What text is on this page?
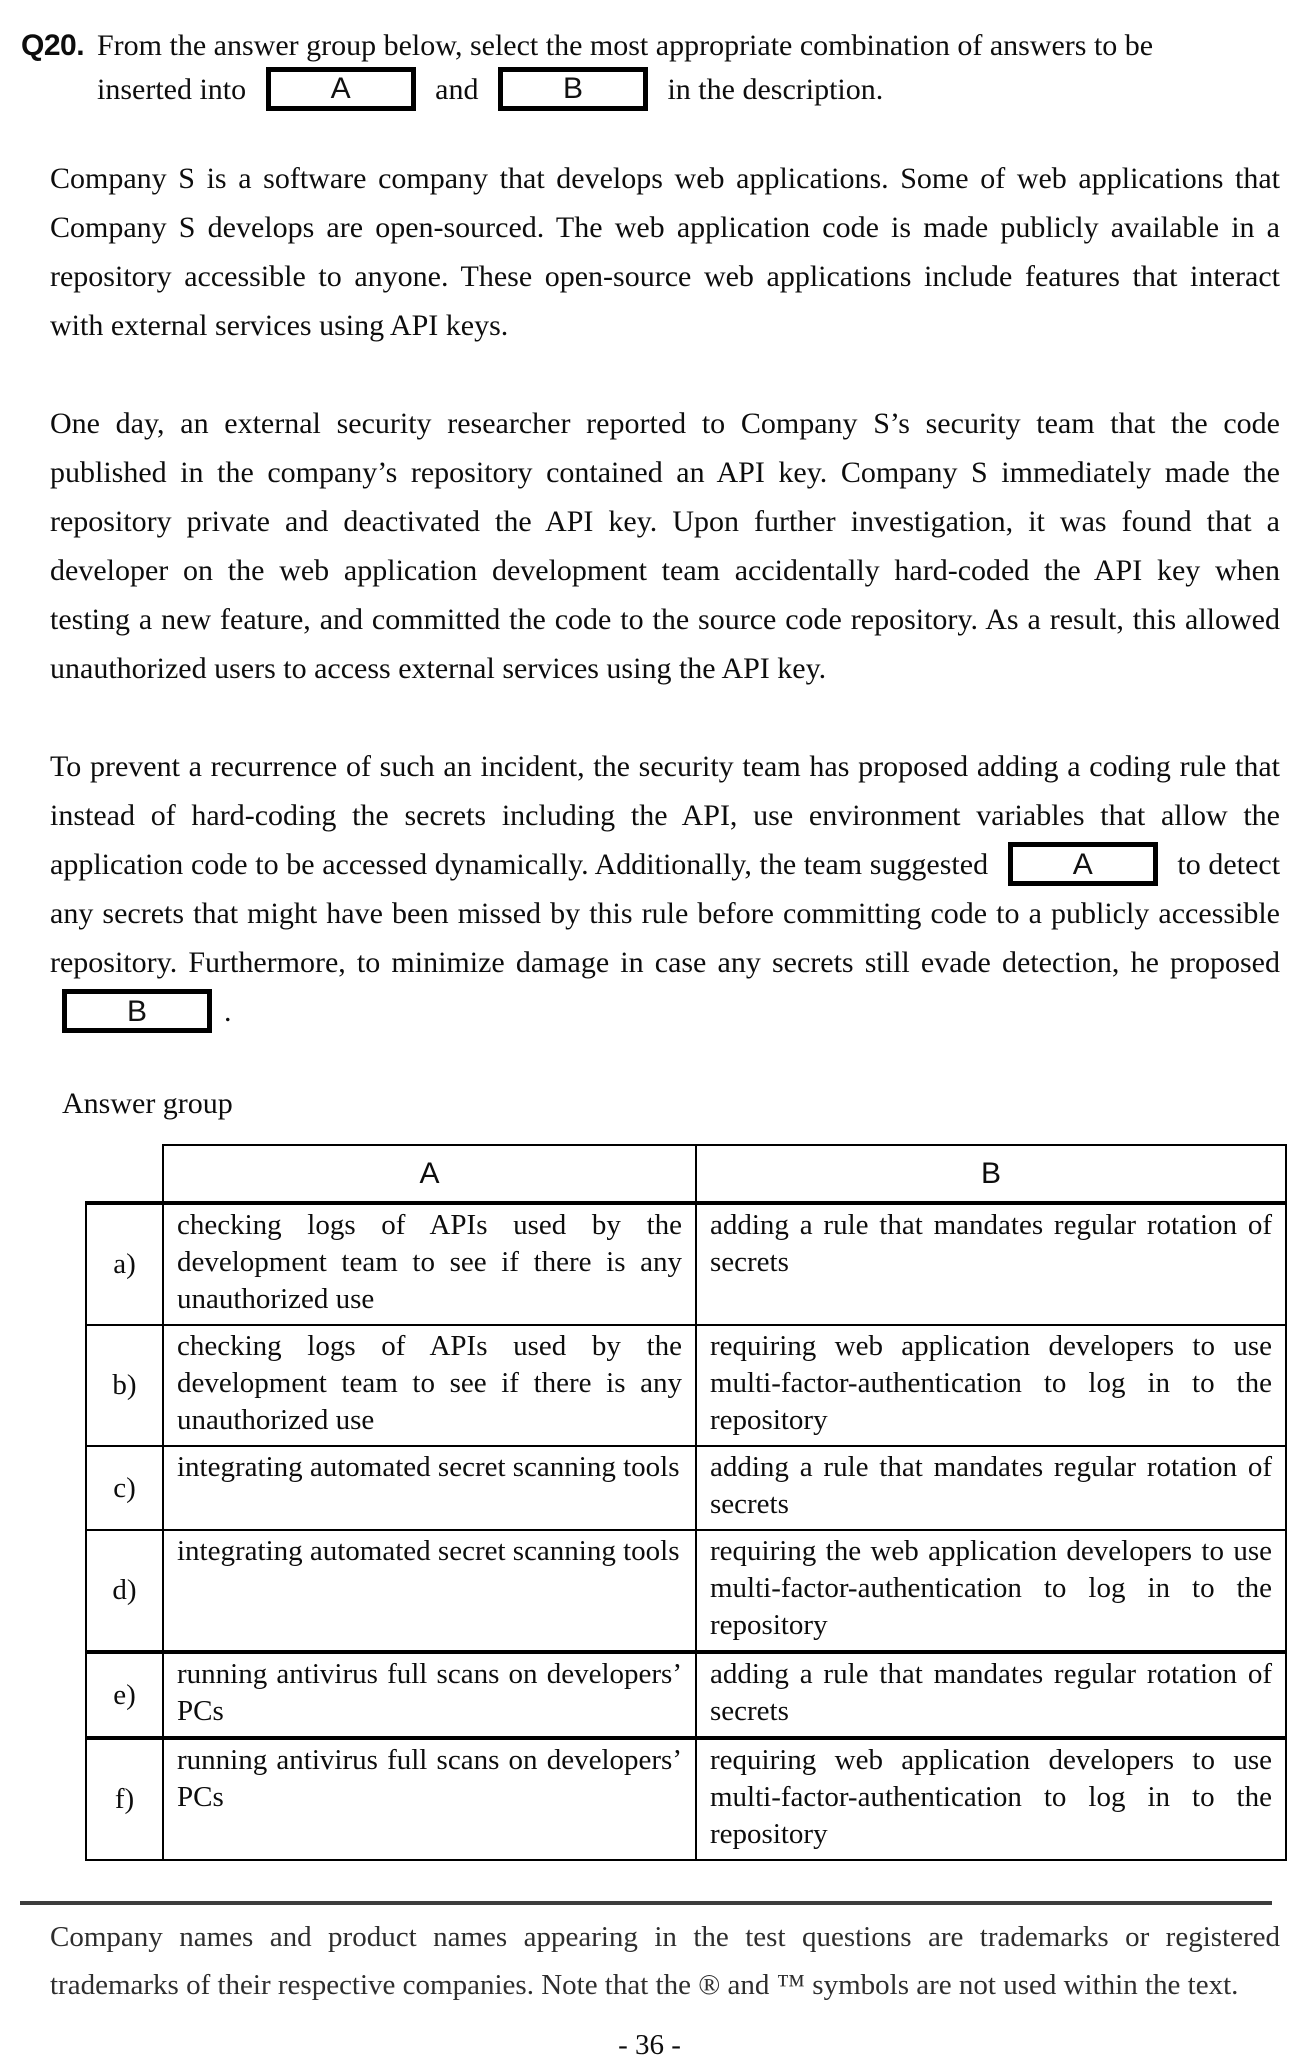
Q20. From the answer group below, select the most appropriate combination of answers to be
inserted into	A	and	B	in the description.

Company S is a software company that develops web applications. Some of web applications that Company S develops are open-sourced. The web application code is made publicly available in a repository accessible to anyone. These open-source web applications include features that interact with external services using API keys.

One day, an external security researcher reported to Company S’s security team that the code published in the company’s repository contained an API key. Company S immediately made the repository private and deactivated the API key. Upon further investigation, it was found that a developer on the web application development team accidentally hard-coded the API key when testing a new feature, and committed the code to the source code repository. As a result, this allowed unauthorized users to access external services using the API key.

To prevent a recurrence of such an incident, the security team has proposed adding a coding rule that instead of hard-coding the secrets including the API, use environment variables that allow the application code to be accessed dynamically. Additionally, the team suggested	A	to detect any secrets that might have been missed by this rule before committing code to a publicly accessible repository. Furthermore, to minimize damage in case any secrets still evade detection, he proposed
B	.

Answer group
	A	B
a)	checking logs of APIs used by the development team to see if there is any unauthorized use	adding a rule that mandates regular rotation of secrets
b)	checking logs of APIs used by the development team to see if there is any unauthorized use	requiring web application developers to use multi-factor-authentication to log in to the repository
c)	integrating automated secret scanning tools	adding a rule that mandates regular rotation of secrets
d)	integrating automated secret scanning tools	requiring the web application developers to use multi-factor-authentication to log in to the repository
e)	running antivirus full scans on developers’ PCs	adding a rule that mandates regular rotation of secrets
f)	running antivirus full scans on developers’ PCs	requiring web application developers to use multi-factor-authentication to log in to the repository

Company names and product names appearing in the test questions are trademarks or registered trademarks of their respective companies. Note that the ® and ™ symbols are not used within the text.

- 36 -
